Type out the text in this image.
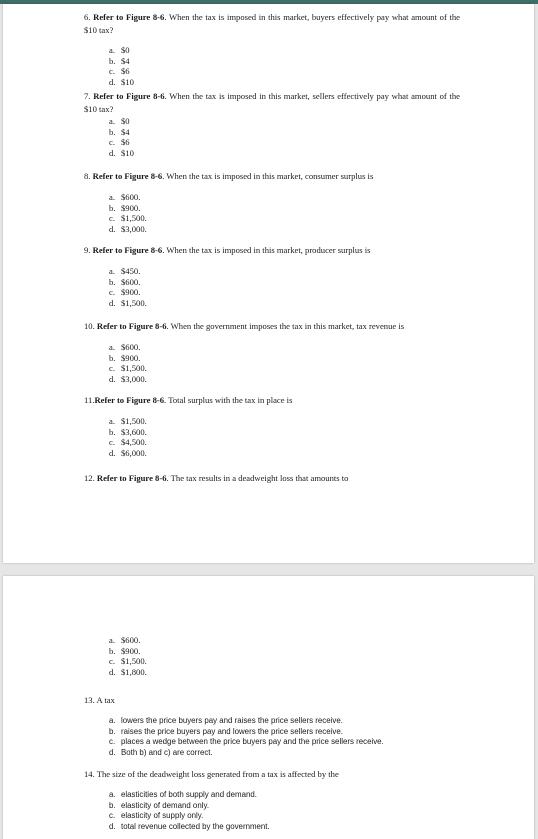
6. Refer to Figure 8-6. When the tax is imposed in this market, buyers effectively pay what amount of the $10 tax?
a. $0
b. $4
c. $6
d. $10
7. Refer to Figure 8-6. When the tax is imposed in this market, sellers effectively pay what amount of the $10 tax?
a. $0
b. $4
c. $6
d. $10
8. Refer to Figure 8-6. When the tax is imposed in this market, consumer surplus is
a. $600.
b. $900.
c. $1,500.
d. $3,000.
9. Refer to Figure 8-6. When the tax is imposed in this market, producer surplus is
a. $450.
b. $600.
c. $900.
d. $1,500.
10. Refer to Figure 8-6. When the government imposes the tax in this market, tax revenue is
a. $600.
b. $900.
c. $1,500.
d. $3,000.
11.Refer to Figure 8-6. Total surplus with the tax in place is
a. $1,500.
b. $3,600.
c. $4,500.
d. $6,000.
12. Refer to Figure 8-6. The tax results in a deadweight loss that amounts to
a. $600.
b. $900.
c. $1,500.
d. $1,800.
13. A tax
a. lowers the price buyers pay and raises the price sellers receive.
b. raises the price buyers pay and lowers the price sellers receive.
c. places a wedge between the price buyers pay and the price sellers receive.
d. Both b) and c) are correct.
14. The size of the deadweight loss generated from a tax is affected by the
a. elasticities of both supply and demand.
b. elasticity of demand only.
c. elasticity of supply only.
d. total revenue collected by the government.
